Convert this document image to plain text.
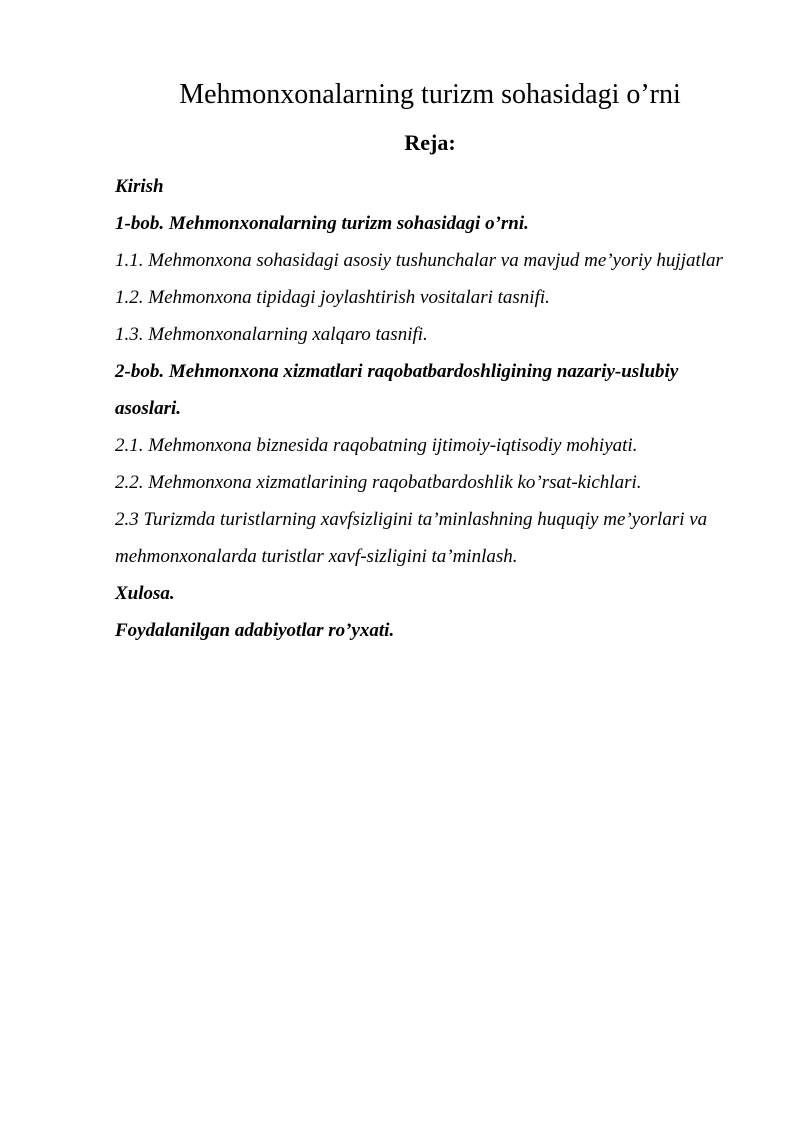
Mehmonxonalarning turizm sohasidagi o’rni
Reja:
Kirish
1-bob. Mehmonxonalarning turizm sohasidagi o’rni.
1.1. Mehmonxona sohasidagi asosiy tushunchalar va mavjud me’yoriy hujjatlar
1.2. Mehmonxona tipidagi joylashtirish vositalari tasnifi.
1.3. Mehmonxonalarning xalqaro tasnifi.
2-bob. Mehmonxona xizmatlari raqobatbardoshligining nazariy-uslubiy asoslari.
2.1. Mehmonxona biznesida raqobatning ijtimoiy-iqtisodiy mohiyati.
2.2. Mehmonxona xizmatlarining raqobatbardoshlik ko’rsat-kichlari.
2.3 Turizmda turistlarning xavfsizligini ta’minlashning huquqiy me’yorlari va mehmonxonalarda turistlar xavf-sizligini ta’minlash.
Xulosa.
Foydalanilgan adabiyotlar ro’yxati.
